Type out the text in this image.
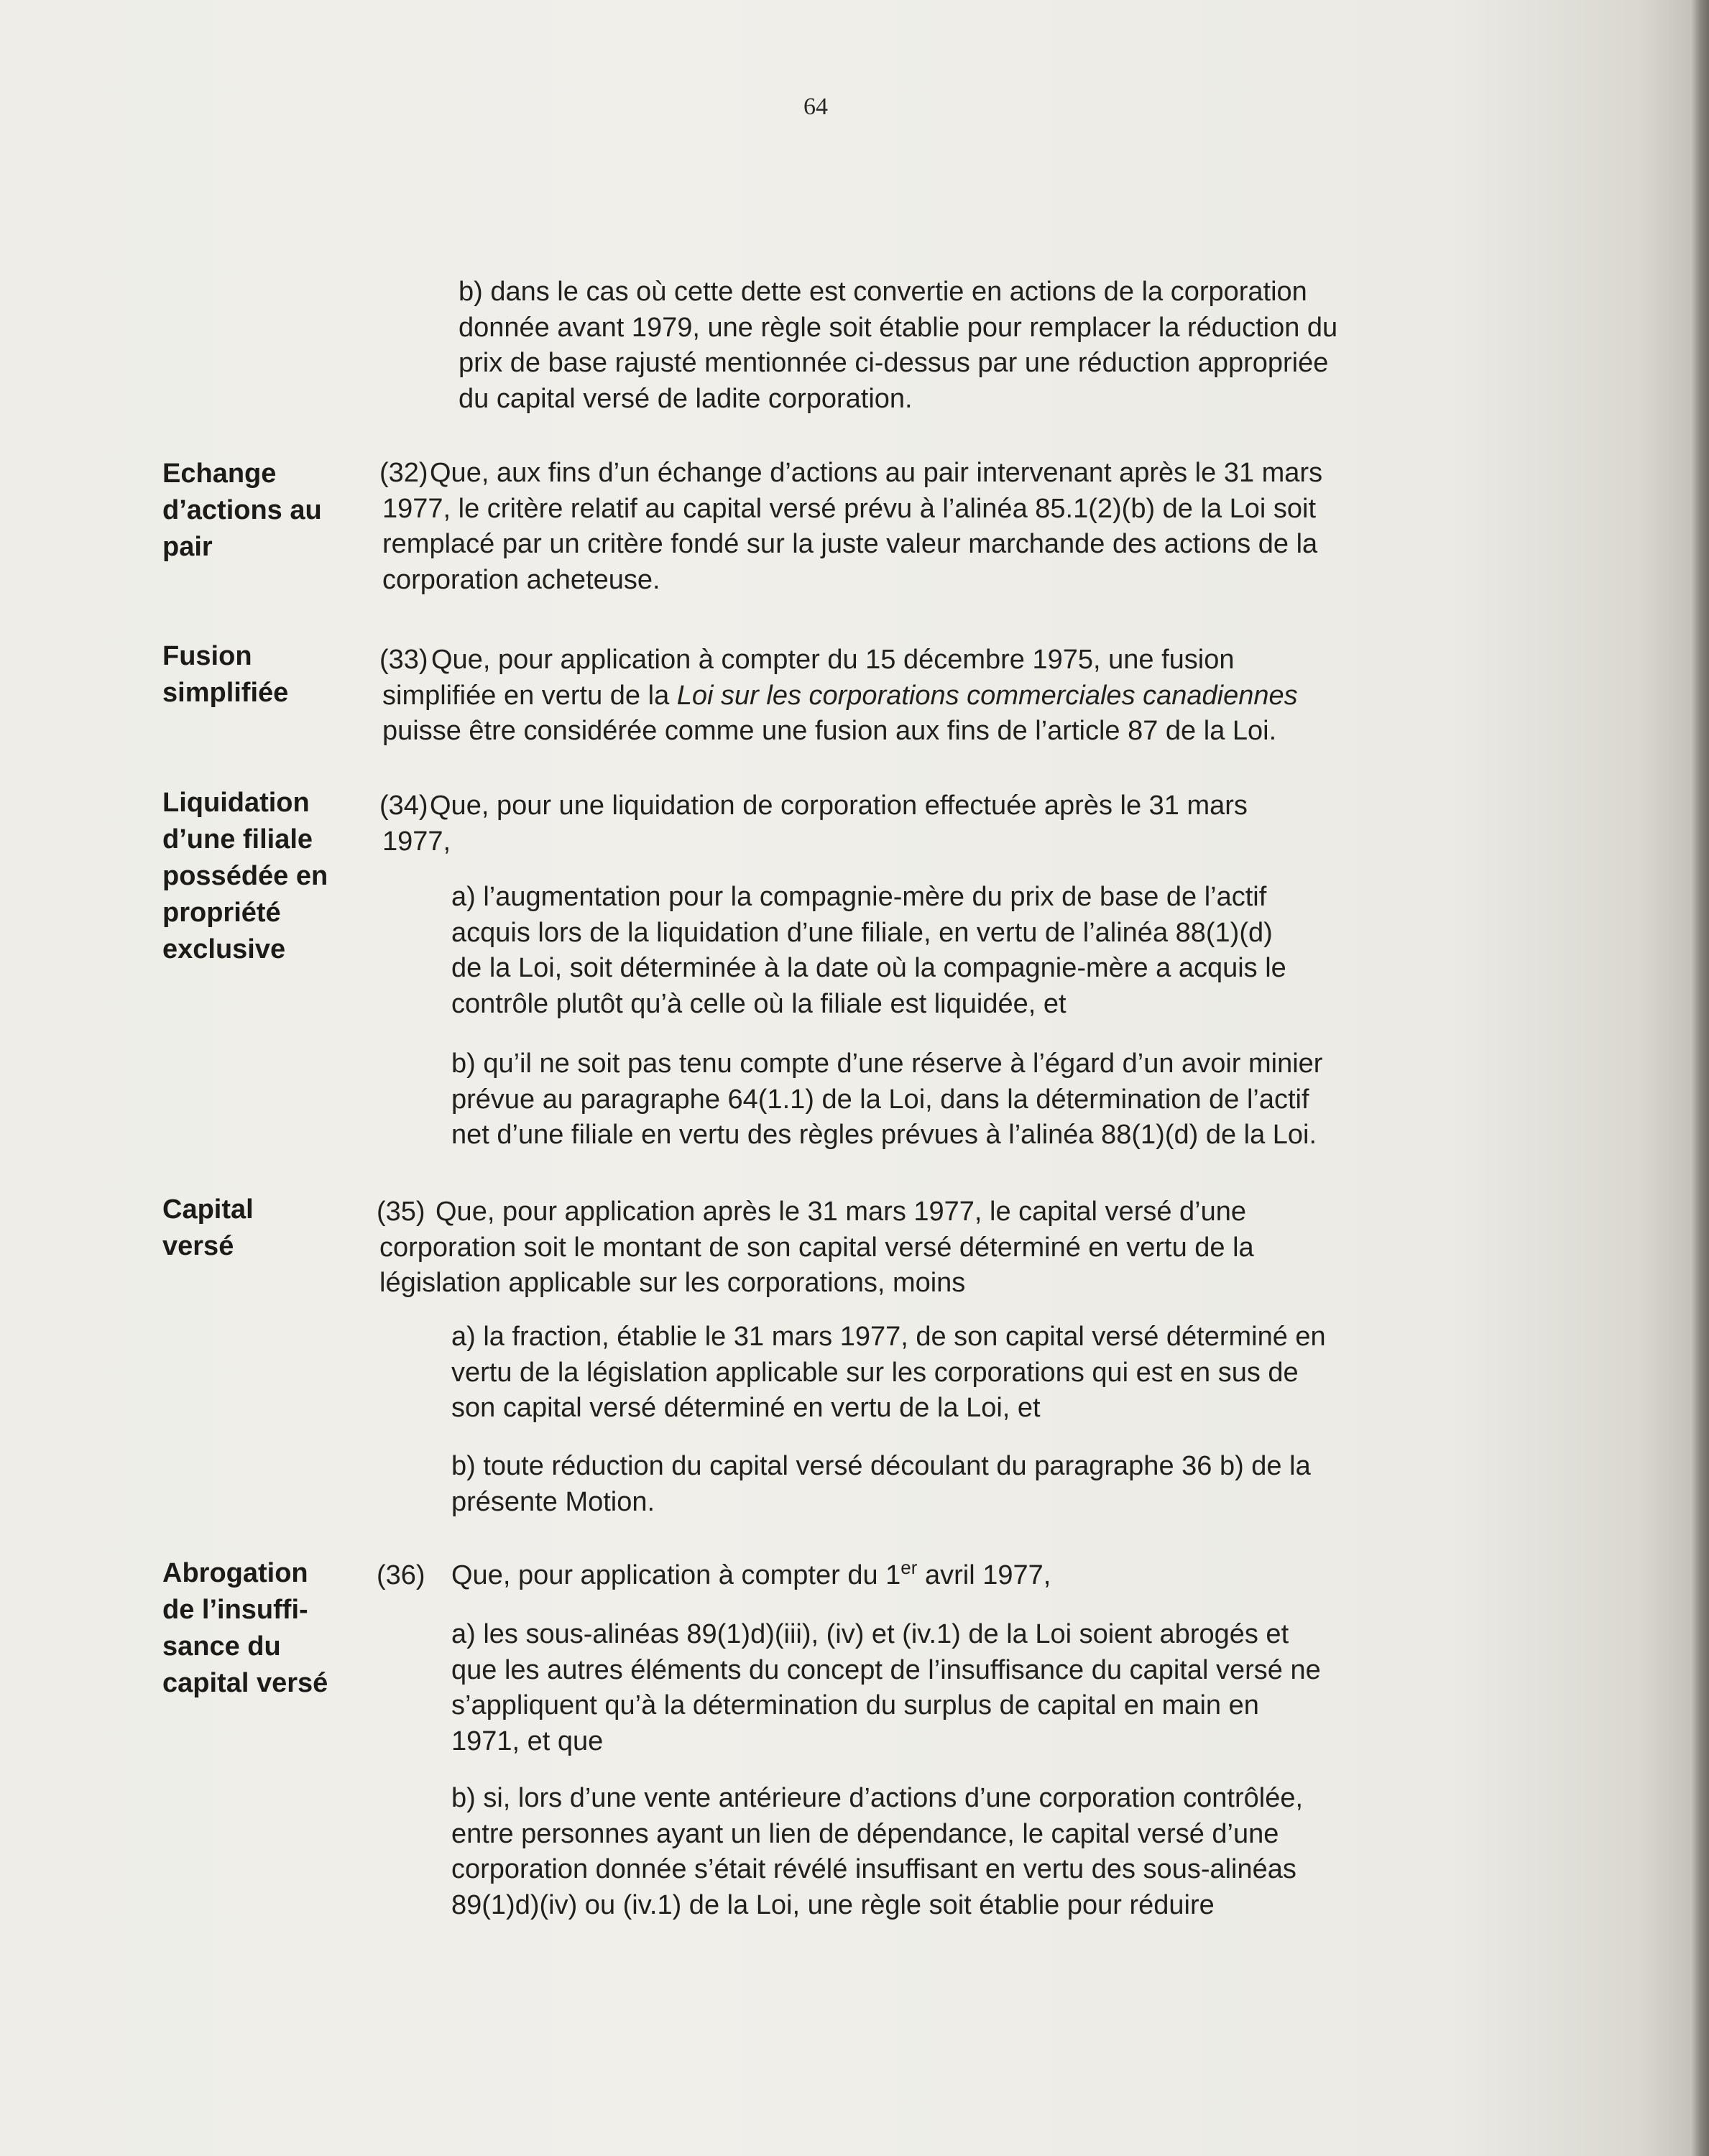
64
b) dans le cas où cette dette est convertie en actions de la corporation
donnée avant 1979, une règle soit établie pour remplacer la réduction du
prix de base rajusté mentionnée ci-dessus par une réduction appropriée
du capital versé de ladite corporation.
Echange
d’actions au
pair
(32) Que, aux fins d’un échange d’actions au pair intervenant après le 31 mars
1977, le critère relatif au capital versé prévu à l’alinéa 85.1(2)(b) de la Loi soit
remplacé par un critère fondé sur la juste valeur marchande des actions de la
corporation acheteuse.
Fusion
simplifiée
(33) Que, pour application à compter du 15 décembre 1975, une fusion
simplifiée en vertu de la Loi sur les corporations commerciales canadiennes
puisse être considérée comme une fusion aux fins de l’article 87 de la Loi.
Liquidation
d’une filiale
possédée en
propriété
exclusive
(34) Que, pour une liquidation de corporation effectuée après le 31 mars
1977,
a) l’augmentation pour la compagnie-mère du prix de base de l’actif
acquis lors de la liquidation d’une filiale, en vertu de l’alinéa 88(1)(d)
de la Loi, soit déterminée à la date où la compagnie-mère a acquis le
contrôle plutôt qu’à celle où la filiale est liquidée, et
b) qu’il ne soit pas tenu compte d’une réserve à l’égard d’un avoir minier
prévue au paragraphe 64(1.1) de la Loi, dans la détermination de l’actif
net d’une filiale en vertu des règles prévues à l’alinéa 88(1)(d) de la Loi.
Capital
versé
(35) Que, pour application après le 31 mars 1977, le capital versé d’une
corporation soit le montant de son capital versé déterminé en vertu de la
législation applicable sur les corporations, moins
a) la fraction, établie le 31 mars 1977, de son capital versé déterminé en
vertu de la législation applicable sur les corporations qui est en sus de
son capital versé déterminé en vertu de la Loi, et
b) toute réduction du capital versé découlant du paragraphe 36 b) de la
présente Motion.
Abrogation
de l’insuffi-
sance du
capital versé
(36) Que, pour application à compter du 1er avril 1977,
a) les sous-alinéas 89(1)d)(iii), (iv) et (iv.1) de la Loi soient abrogés et
que les autres éléments du concept de l’insuffisance du capital versé ne
s’appliquent qu’à la détermination du surplus de capital en main en
1971, et que
b) si, lors d’une vente antérieure d’actions d’une corporation contrôlée,
entre personnes ayant un lien de dépendance, le capital versé d’une
corporation donnée s’était révélé insuffisant en vertu des sous-alinéas
89(1)d)(iv) ou (iv.1) de la Loi, une règle soit établie pour réduire
